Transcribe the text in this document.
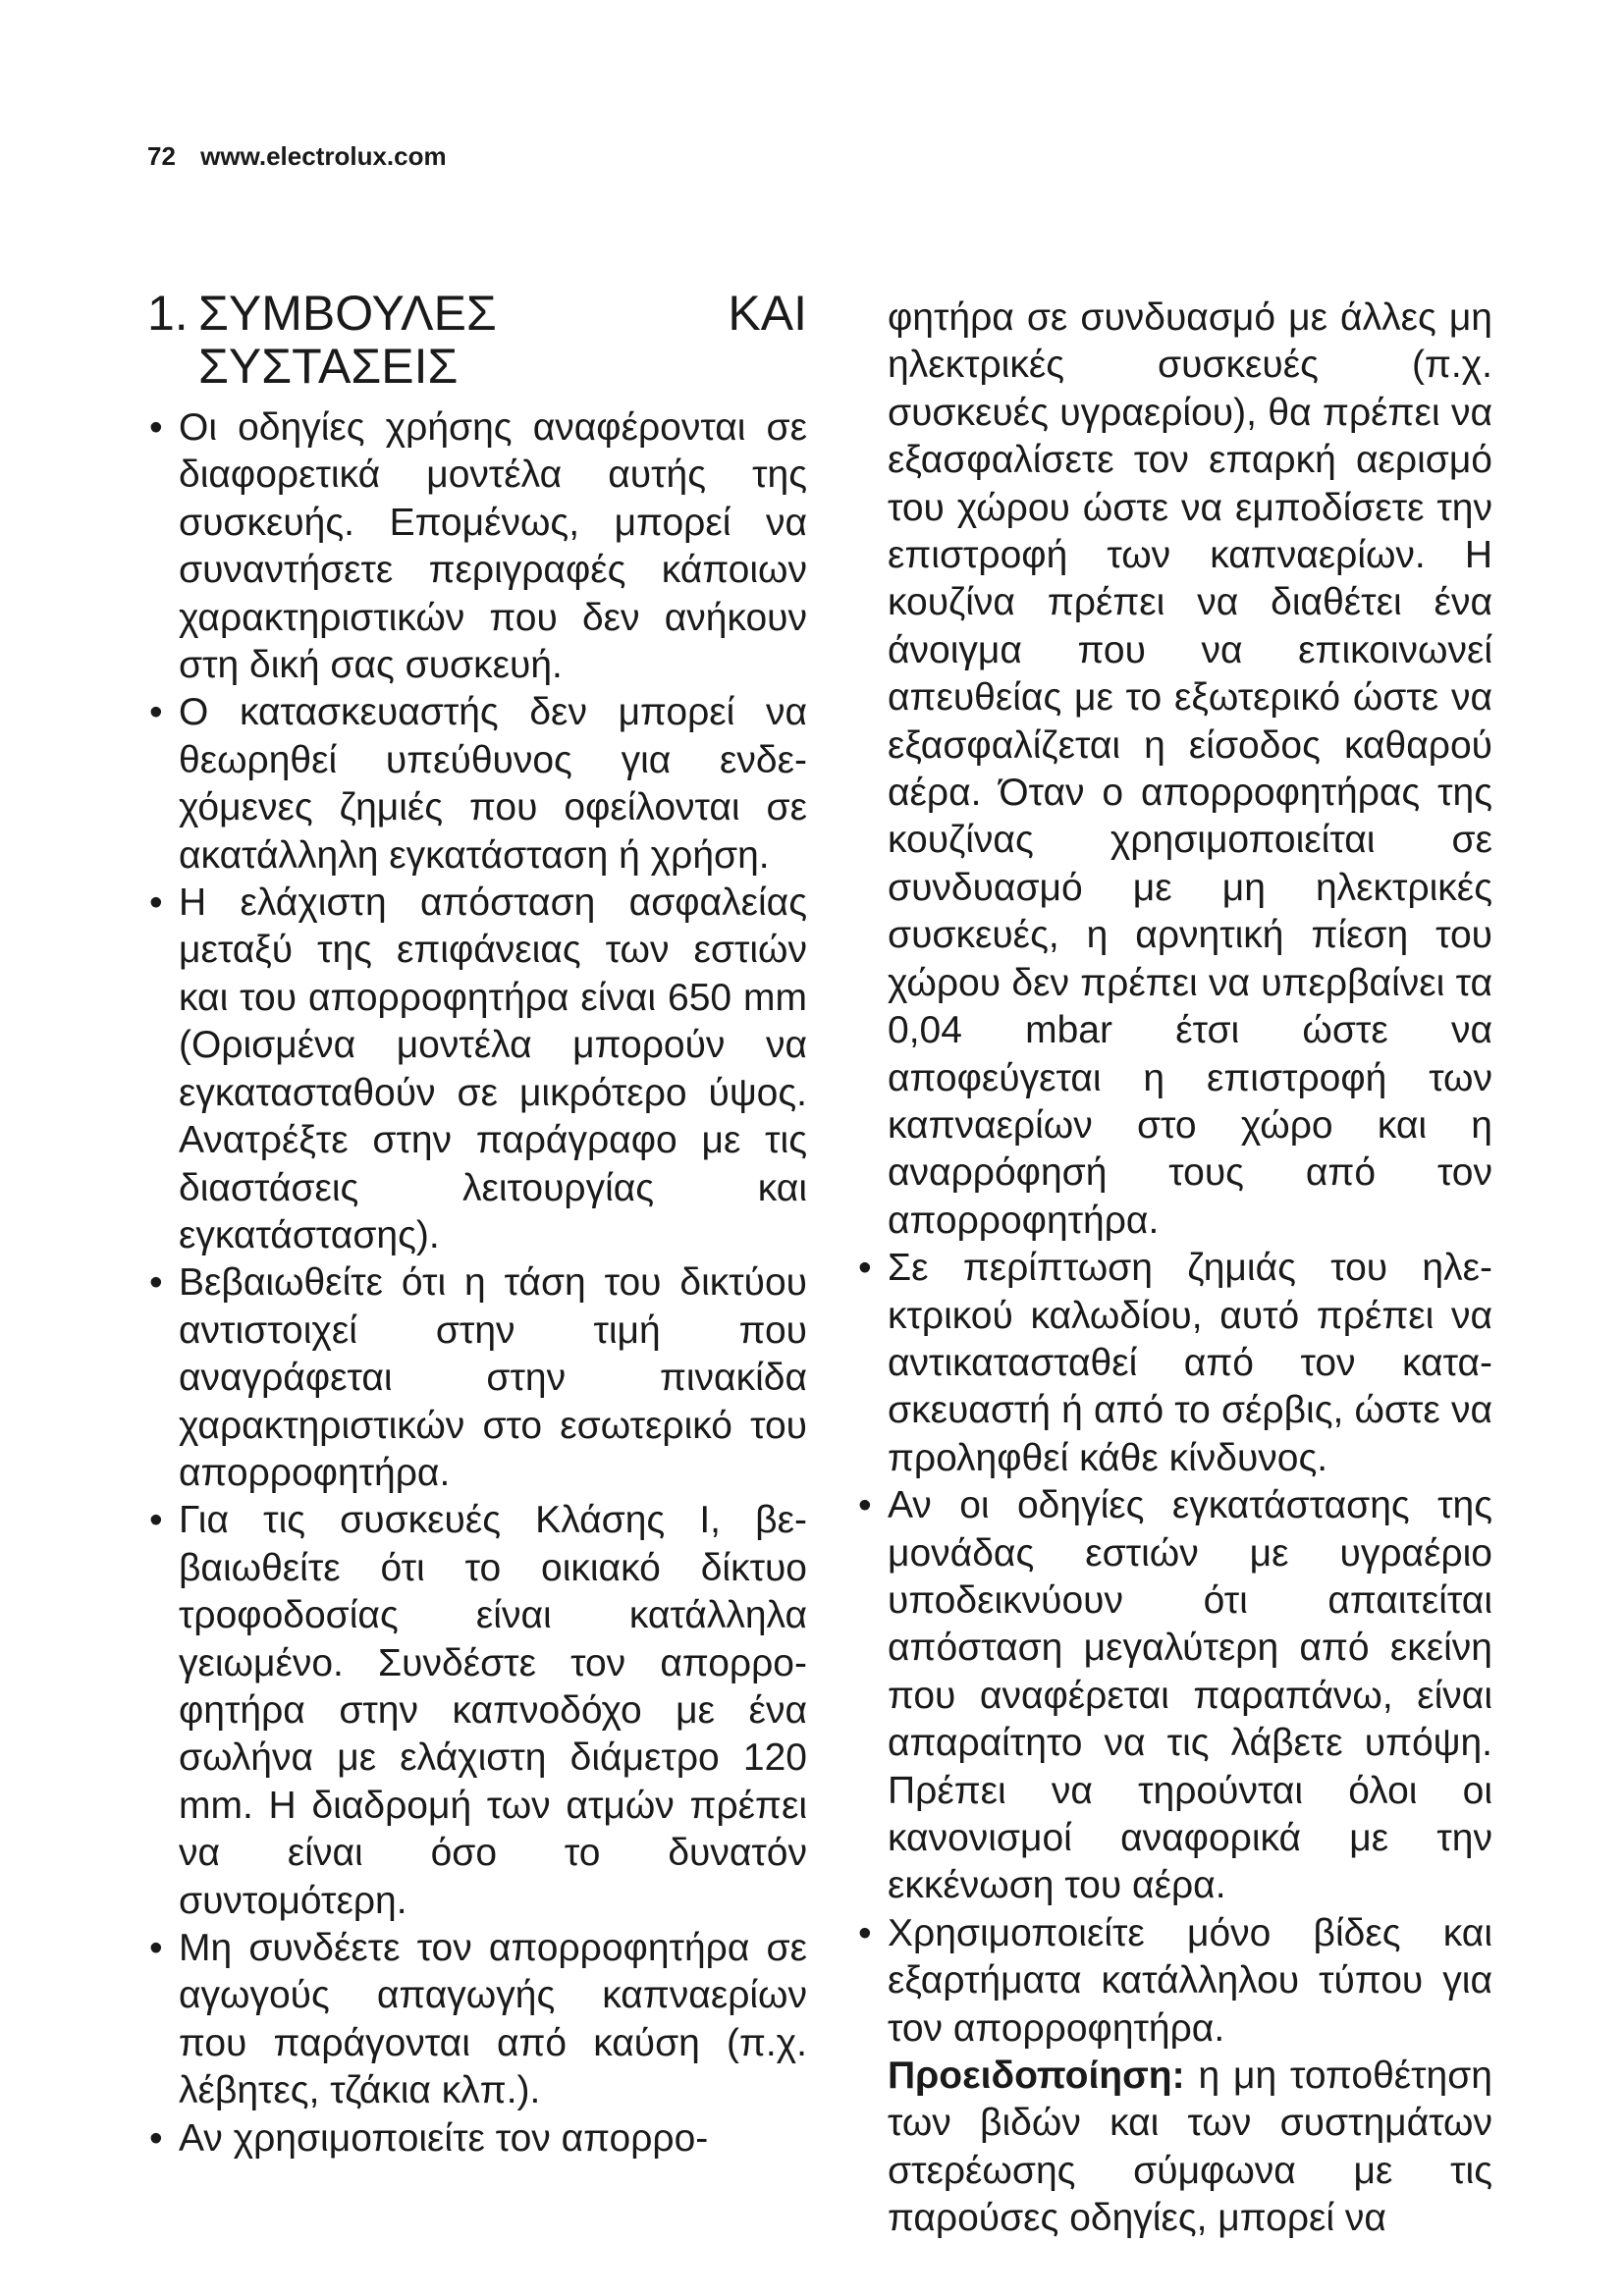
72 www.electrolux.com
1. ΣΥΜΒΟΥΛΕΣ ΚΑΙ ΣΥΣΤΑΣΕΙΣ
• Οι οδηγίες χρήσης αναφέρονται σε διαφορετικά μοντέλα αυτής της συσκευής. Επομένως, μπορεί να συναντήσετε περιγραφές κάποιων χαρακτηριστικών που δεν ανήκουν στη δική σας συσκευή.
• Ο κατασκευαστής δεν μπορεί να θεωρηθεί υπεύθυνος για ενδεχόμενες ζημιές που οφείλονται σε ακατάλληλη εγκατάσταση ή χρήση.
• Η ελάχιστη απόσταση ασφαλείας μεταξύ της επιφάνειας των εστιών και του απορροφητήρα είναι 650 mm (Ορισμένα μοντέλα μπορούν να εγκατασταθούν σε μικρότερο ύψος. Ανατρέξτε στην παράγραφο με τις διαστάσεις λειτουργίας και εγκατάστασης).
• Βεβαιωθείτε ότι η τάση του δικτύου αντιστοιχεί στην τιμή που αναγράφεται στην πινακίδα χαρακτηριστικών στο εσωτερικό του απορροφητήρα.
• Για τις συσκευές Κλάσης I, βεβαιωθείτε ότι το οικιακό δίκτυο τροφοδοσίας είναι κατάλληλα γειωμένο. Συνδέστε τον απορροφητήρα στην καπνοδόχο με ένα σωλήνα με ελάχιστη διάμετρο 120 mm. Η διαδρομή των ατμών πρέπει να είναι όσο το δυνατόν συντομότερη.
• Μη συνδέετε τον απορροφητήρα σε αγωγούς απαγωγής καπναερίων που παράγονται από καύση (π.χ. λέβητες, τζάκια κλπ.).
• Αν χρησιμοποιείτε τον απορρο-
φητήρα σε συνδυασμό με άλλες μη ηλεκτρικές συσκευές (π.χ. συσκευές υγραερίου), θα πρέπει να εξασφαλίσετε τον επαρκή αερισμό του χώρου ώστε να εμποδίσετε την επιστροφή των καπναερίων. Η κουζίνα πρέπει να διαθέτει ένα άνοιγμα που να επικοινωνεί απευθείας με το εξωτερικό ώστε να εξασφαλίζεται η είσοδος καθαρού αέρα. Όταν ο απορροφητήρας της κουζίνας χρησιμοποιείται σε συνδυασμό με μη ηλεκτρικές συσκευές, η αρνητική πίεση του χώρου δεν πρέπει να υπερβαίνει τα 0,04 mbar έτσι ώστε να αποφεύγεται η επιστροφή των καπναερίων στο χώρο και η αναρρόφησή τους από τον απορροφητήρα.
• Σε περίπτωση ζημιάς του ηλεκτρικού καλωδίου, αυτό πρέπει να αντικατασταθεί από τον κατασκευαστή ή από το σέρβις, ώστε να προληφθεί κάθε κίνδυνος.
• Αν οι οδηγίες εγκατάστασης της μονάδας εστιών με υγραέριο υποδεικνύουν ότι απαιτείται απόσταση μεγαλύτερη από εκείνη που αναφέρεται παραπάνω, είναι απαραίτητο να τις λάβετε υπόψη. Πρέπει να τηρούνται όλοι οι κανονισμοί αναφορικά με την εκκένωση του αέρα.
• Χρησιμοποιείτε μόνο βίδες και εξαρτήματα κατάλληλου τύπου για τον απορροφητήρα.
Προειδοποίηση: η μη τοποθέτηση των βιδών και των συστημάτων στερέωσης σύμφωνα με τις παρούσες οδηγίες, μπορεί να
